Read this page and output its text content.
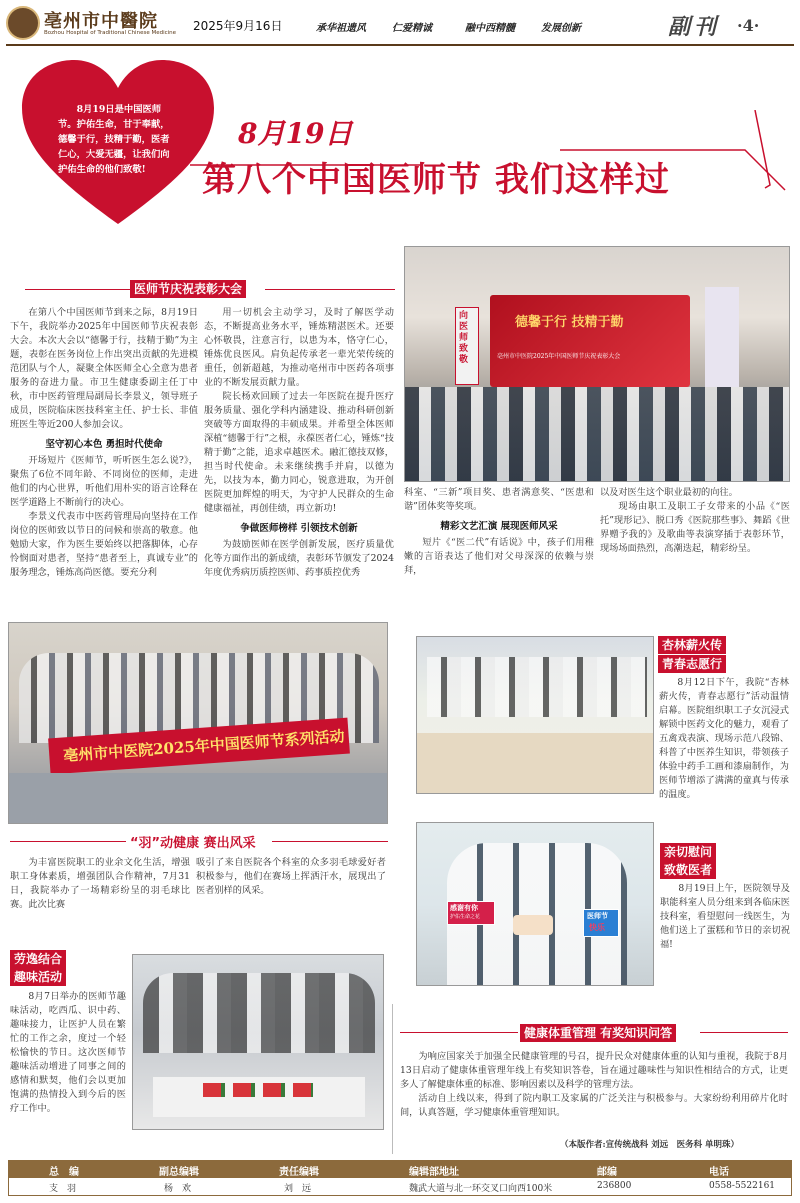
亳州市中醫院
Bozhou Hospital of Traditional Chinese Medicine 2025年9月16日	承华祖遗风	仁爱精诚	融中西精髓	发展创新	副刊 ·4·
8月19日是中国医师节。护佑生命，甘于奉献，德馨于行，技精于勤，医者仁心，大爱无疆，让我们向护佑生命的他们致敬!
8月19日
第八个中国医师节 我们这样过
医师节庆祝表彰大会

在第八个中国医师节到来之际，8月19日下午，我院举办2025年中国医师节庆祝表彰大会。本次大会以“德馨于行，技精于勤”为主题，表彰在医务岗位上作出突出贡献的先进模范团队与个人，凝聚全体医师全心全意为患者服务的奋进力量。市卫生健康委副主任丁中秋，市中医药管理局副局长李景义，领导班子成员，医院临床医技科室主任、护士长、非值班医生等近200人参加会议。

坚守初心本色 勇担时代使命

开场短片《医师节，听听医生怎么说?》，聚焦了6位不同年龄、不同岗位的医师，走进他们的内心世界，听他们用朴实的语言诠释在医学道路上不断前行的决心。

李景义代表市中医药管理局向坚持在工作岗位的医师致以节日的问候和崇高的敬意。他勉励大家，作为医生要始终以把落脚体，心存怜悯面对患者，坚持“患者至上，真诚专业”的服务理念，锤炼高尚医德。要充分利

用一切机会主动学习，及时了解医学动态，不断提高业务水平，锤炼精湛医术。还要心怀敬畏，注意言行，以患为本，恪守仁心，锤炼优良医风。肩负起传承老一辈光荣传统的重任，创新超越，为推动亳州市中医药各项事业的不断发展贡献力量。

院长杨欢回顾了过去一年医院在提升医疗服务质量、强化学科内涵建设、推动科研创新突破等方面取得的丰硕成果。并希望全体医师深植“德馨于行”之根，永葆医者仁心，锤炼“技精于勤”之能，追求卓越医术。融汇德技双修，担当时代使命。未来继续携手并肩，以德为先，以技为本，勤力同心，锐意进取，为开创医院更加辉煌的明天，为守护人民群众的生命健康福祉，再创佳绩，再立新功!

争做医师榜样 引领技术创新

为鼓励医师在医学创新发展，医疗质量优化等方面作出的新成绩，表彰环节颁发了2024年度优秀病历质控医师、药事质控优秀

科室、“三新”项目奖、患者满意奖、“医患和谐”团体奖等奖项。

精彩文艺汇演 展现医师风采

短片《“医二代”有话说》中，孩子们用稚嫩的言语表达了他们对父母深深的依赖与崇拜，

以及对医生这个职业最初的向往。

现场由职工及职工子女带来的小品《“医托”现形记》、脱口秀《医院那些事》、舞蹈《世界赠予我的》及歌曲等表演穿插于表彰环节，现场场面热烈，高潮迭起，精彩纷呈。

德馨于行 技精于勤
亳州市中医院2025年中国医师节庆祝表彰大会
向医师致敬
亳州市中医院2025年中国医师节系列活动
“羽”动健康 赛出风采

为丰富医院职工的业余文化生活，增强职工身体素质，增强团队合作精神，7月31日，我院举办了一场精彩纷呈的羽毛球比赛。此次比赛

吸引了来自医院各个科室的众多羽毛球爱好者积极参与，他们在赛场上挥洒汗水，展现出了医者别样的风采。

杏林薪火传
青春志愿行

8月12日下午，我院“杏林薪火传，青春志愿行”活动温情启幕。医院组织职工子女沉浸式解锁中医药文化的魅力，观看了五禽戏表演、现场示范八段锦、科普了中医养生知识，带领孩子体验中药手工画和漆扇制作，为医师节增添了满满的童真与传承的温度。

感谢有你
护佑生命之花	医师节
快乐
亲切慰问
致敬医者

8月19日上午，医院领导及职能科室人员分组来到各临床医技科室，看望慰问一线医生，为他们送上了蛋糕和节日的亲切祝福!

劳逸结合
趣味活动

8月7日举办的医师节趣味活动，吃西瓜、识中药、趣味接力，让医护人员在繁忙的工作之余，度过一个轻松愉快的节日。这次医师节趣味活动增进了同事之间的感情和默契，他们会以更加饱满的热情投入到今后的医疗工作中。

健康体重管理 有奖知识问答

为响应国家关于加强全民健康管理的号召，提升民众对健康体重的认知与重视，我院于8月13日启动了健康体重管理年线上有奖知识答卷，旨在通过趣味性与知识性相结合的方式，让更多人了解健康体重的标准、影响因素以及科学的管理方法。

活动自上线以来，得到了院内职工及家属的广泛关注与积极参与。大家纷纷利用碎片化时间，认真答题，学习健康体重管理知识。

（本版作者:宣传统战科 刘远　医务科 单明珠）
总　编	副总编辑	责任编辑	编辑部地址	邮编	电话
支　羽	杨　欢	刘　远	魏武大道与北一环交叉口向西100米	236800	0558-5522161
